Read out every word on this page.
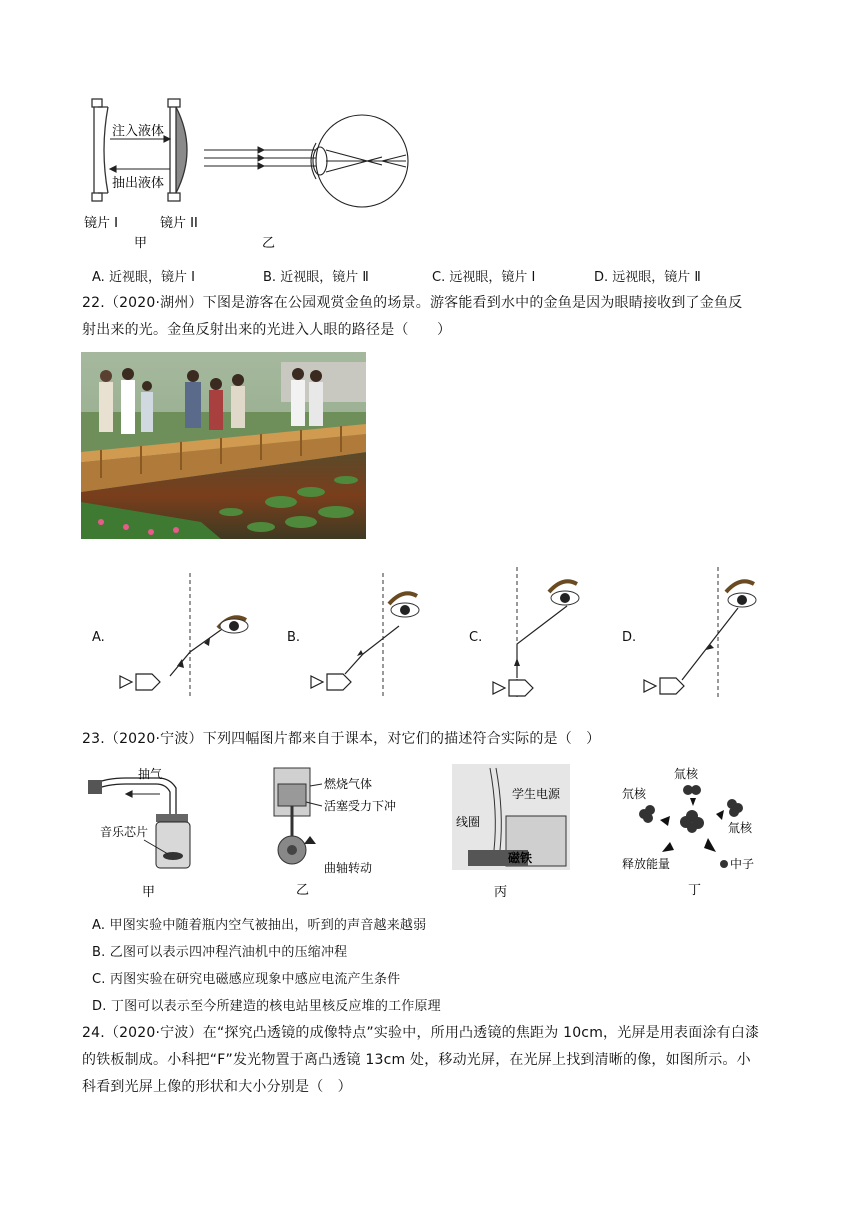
注入液体
抽出液体
镜片 I	镜片 II
甲	乙
A. 近视眼，镜片 Ⅰ	B. 近视眼，镜片 Ⅱ	C. 远视眼，镜片 I	D. 远视眼，镜片 Ⅱ
22.（2020·湖州）下图是游客在公园观赏金鱼的场景。游客能看到水中的金鱼是因为眼睛接收到了金鱼反
射出来的光。金鱼反射出来的光进入人眼的路径是（　　）
A.	B.	C.	D.
23.（2020·宁波）下列四幅图片都来自于课本，对它们的描述符合实际的是（　）
抽气
音乐芯片
甲
燃烧气体
活塞受力下冲
曲轴转动
乙
学生电源
线圈
磁铁
丙
氚核
氘核
氚核
释放能量	中子
丁
A. 甲图实验中随着瓶内空气被抽出，听到的声音越来越弱
B. 乙图可以表示四冲程汽油机中的压缩冲程
C. 丙图实验在研究电磁感应现象中感应电流产生条件
D. 丁图可以表示至今所建造的核电站里核反应堆的工作原理
24.（2020·宁波）在“探究凸透镜的成像特点”实验中，所用凸透镜的焦距为 10cm，光屏是用表面涂有白漆
的铁板制成。小科把“F”发光物置于离凸透镜 13cm 处，移动光屏，在光屏上找到清晰的像，如图所示。小
科看到光屏上像的形状和大小分别是（　）
